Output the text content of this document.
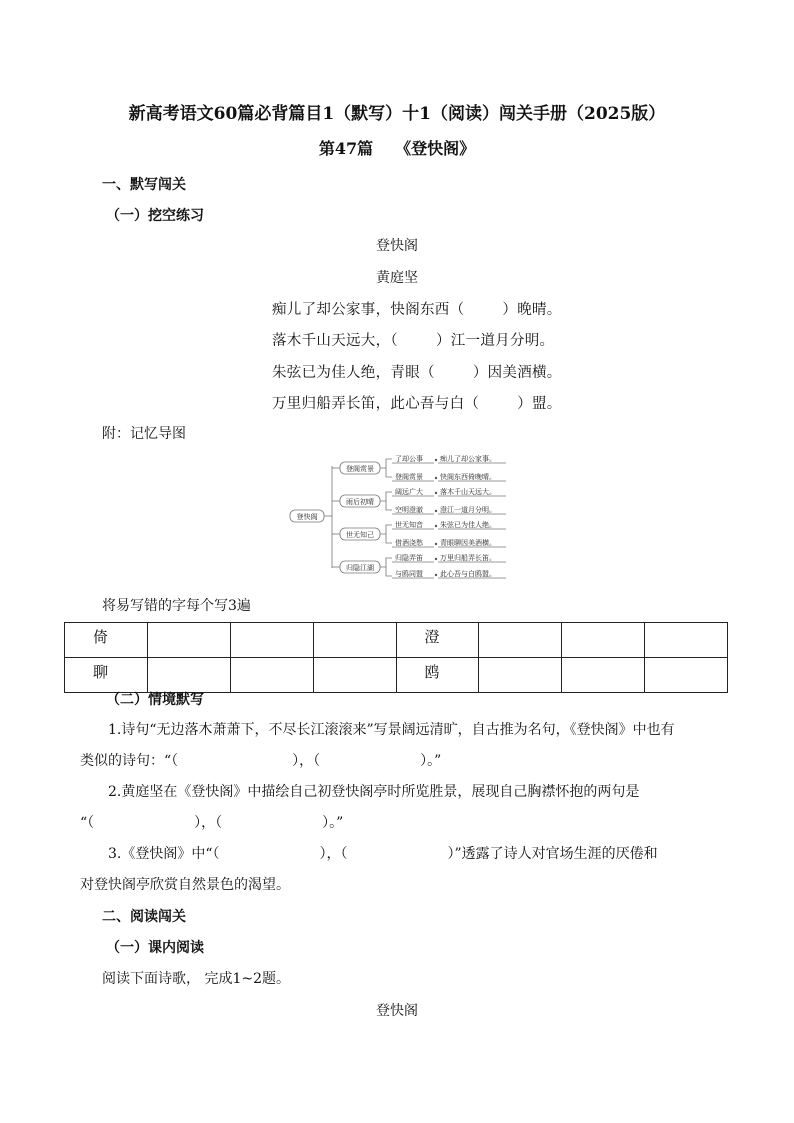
新高考语文60篇必背篇目1（默写）十1（阅读）闯关手册（2025版）
第47篇 《登快阁》
一、默写闯关
（一）挖空练习
登快阁
黄庭坚
痴儿了却公家事，快阁东西（	）晚晴。
落木千山天远大，（	）江一道月分明。
朱弦已为佳人绝，青眼（	）因美酒横。
万里归船弄长笛，此心吾与白（	）盟。
附：记忆导图
登快阁
登阁赏景
雨后初晴
世无知己
归隐江湖
了却公事 痴儿了却公家事。
登阁赏景 快阁东西倚晚晴。
阔远广大 落木千山天远大。
空明澄澈 澄江一道月分明。
世无知音 朱弦已为佳人绝。
借酒浇愁 青眼聊因美酒横。
归隐弄笛 万里归船弄长笛。
与鸥同盟 此心吾与白鸥盟。
将易写错的字每个写3遍
倚				澄			
聊				鸥			
（二）情境默写
1.诗句“无边落木萧萧下，不尽长江滚滚来”写景阔远清旷，自古推为名句，《登快阁》中也有
类似的诗句：“（	），（	）。”
2.黄庭坚在《登快阁》中描绘自己初登快阁亭时所览胜景，展现自己胸襟怀抱的两句是
“（	），（	）。”
3.《登快阁》中“（	），（	）”透露了诗人对官场生涯的厌倦和
对登快阁亭欣赏自然景色的渴望。
二、阅读闯关
（一）课内阅读
阅读下面诗歌， 完成1~2题。
登快阁
